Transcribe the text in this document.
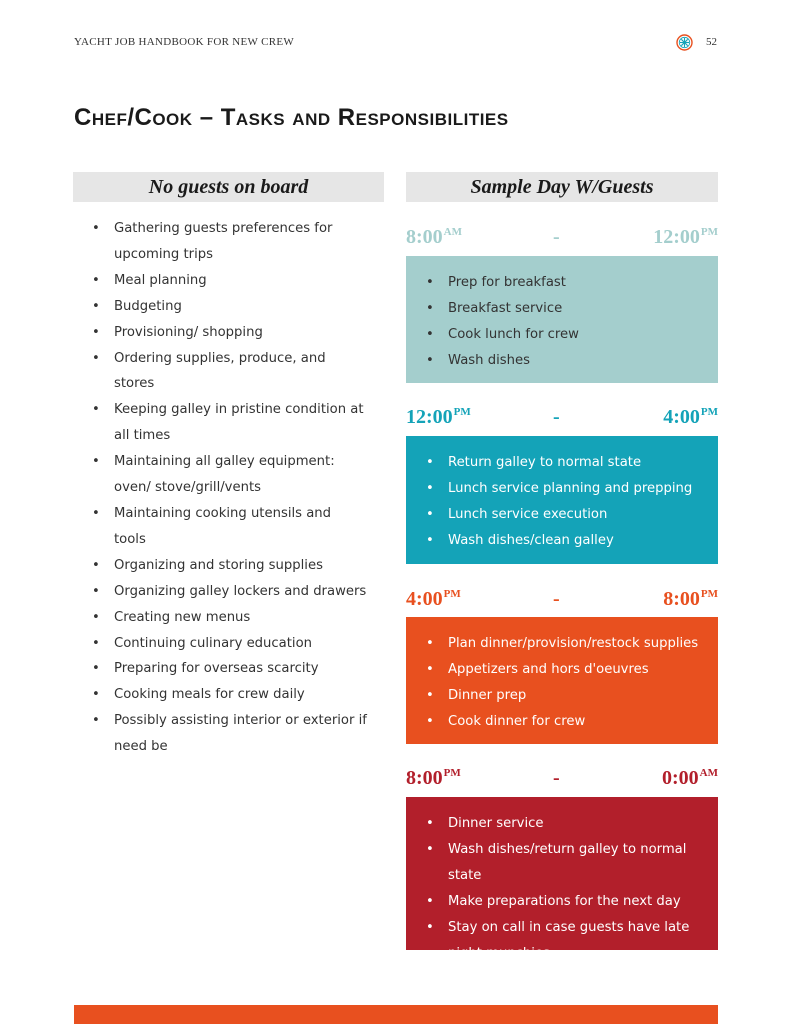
YACHT JOB HANDBOOK FOR NEW CREW	52
Chef/Cook – Tasks and Responsibilities
No guests on board	Sample Day W/Guests
• Gathering guests preferences for upcoming trips
• Meal planning
• Budgeting
• Provisioning/ shopping
• Ordering supplies, produce, and stores
• Keeping galley in pristine condition at all times
• Maintaining all galley equipment: oven/ stove/grill/vents
• Maintaining cooking utensils and tools
• Organizing and storing supplies
• Organizing galley lockers and drawers
• Creating new menus
• Continuing culinary education
• Preparing for overseas scarcity
• Cooking meals for crew daily
• Possibly assisting interior or exterior if need be
$8:00^{AM}$	-	$12:00^{PM}$
• Prep for breakfast
• Breakfast service
• Cook lunch for crew
• Wash dishes
$12:00^{PM}$	-	$4:00^{PM}$
• Return galley to normal state
• Lunch service planning and prepping
• Lunch service execution
• Wash dishes/clean galley
$4:00^{PM}$	-	$8:00^{PM}$
• Plan dinner/provision/restock supplies
• Appetizers and hors d'oeuvres
• Dinner prep
• Cook dinner for crew
$8:00^{PM}$	-	$0:00^{AM}$
• Dinner service
• Wash dishes/return galley to normal state
• Make preparations for the next day
• Stay on call in case guests have late night munchies
